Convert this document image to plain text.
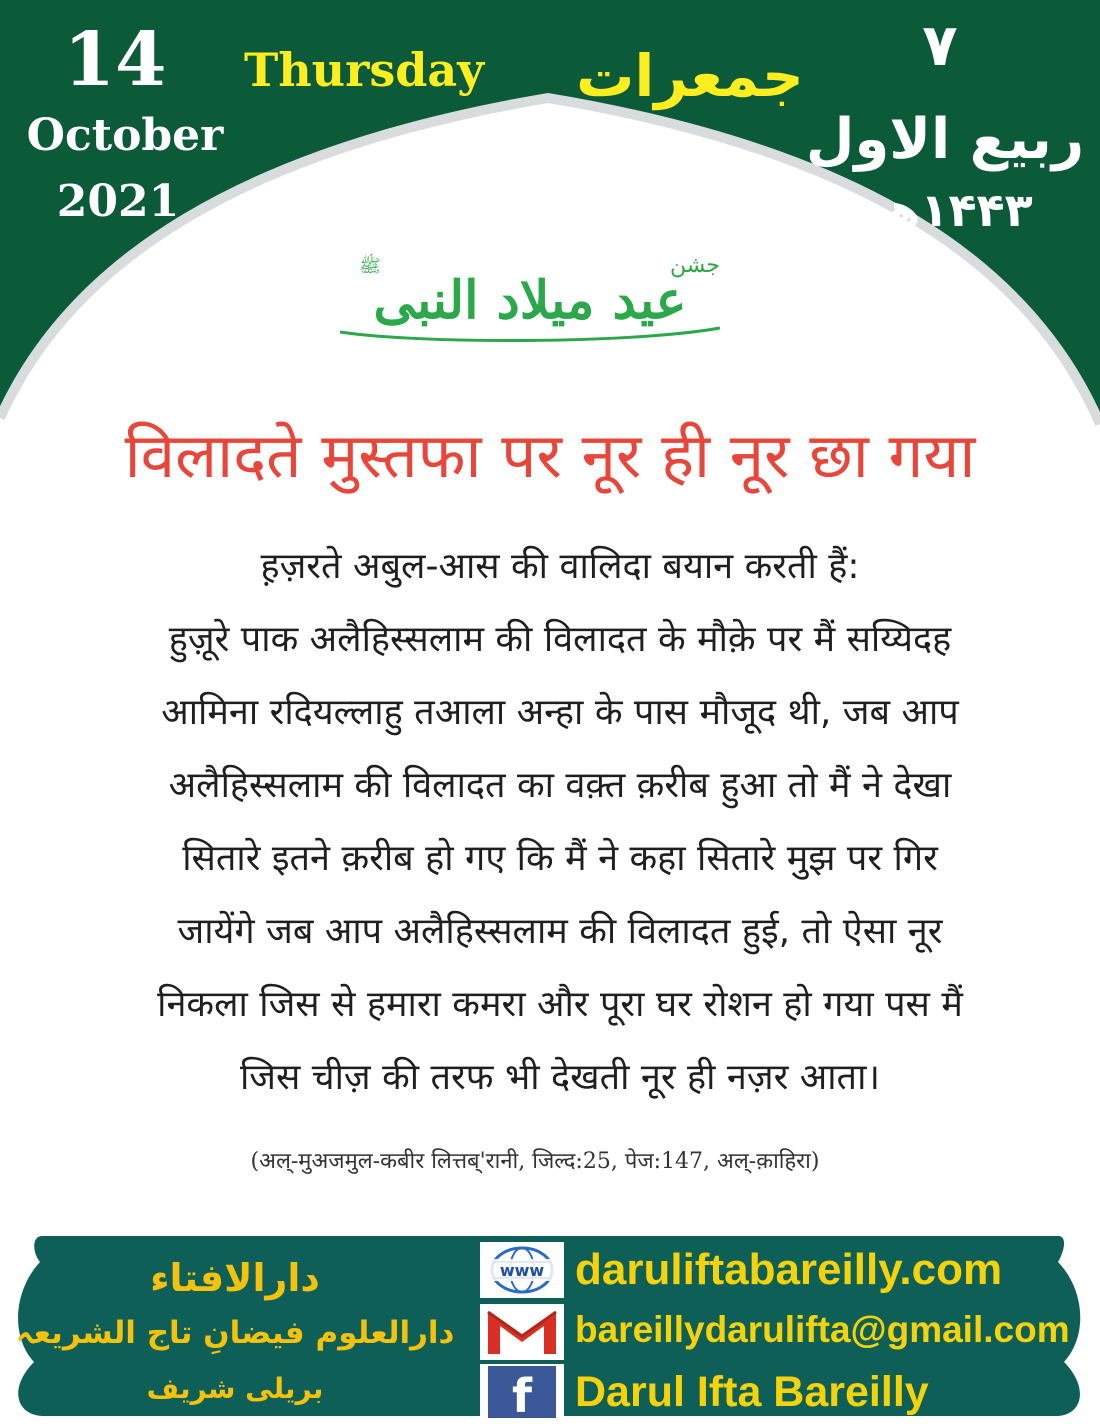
14
October
2021
Thursday جمعرات	٧
ربیع الاول
۱۴۴۳ھ
عید میلاد النبی
جشن
ﷺ
विलादते मुस्तफा पर नूर ही नूर छा गया
ह़ज़रते अबुल-आस की वालिदा बयान करती हैं:
हुज़ूरे पाक अलैहिस्सलाम की विलादत के मौक़े पर मैं सय्यिदह
आमिना रदियल्लाहु तआला अन्हा के पास मौजूद थी, जब आप
अलैहिस्सलाम की विलादत का वक़्त क़रीब हुआ तो मैं ने देखा
सितारे इतने क़रीब हो गए कि मैं ने कहा सितारे मुझ पर गिर
जायेंगे जब आप अलैहिस्सलाम की विलादत हुई, तो ऐसा नूर
निकला जिस से हमारा कमरा और पूरा घर रोशन हो गया पस मैं
जिस चीज़ की तरफ भी देखती नूर ही नज़र आता।
(अल्-मुअजमुल-कबीर लित्तब्'रानी, जिल्द:25, पेज:147, अल्-क़ाहिरा)
دارالافتاء
دارالعلوم فیضانِ تاج الشریعہ
بریلی شریف
www
f
daruliftabareilly.com
bareillydarulifta@gmail.com
Darul Ifta Bareilly
